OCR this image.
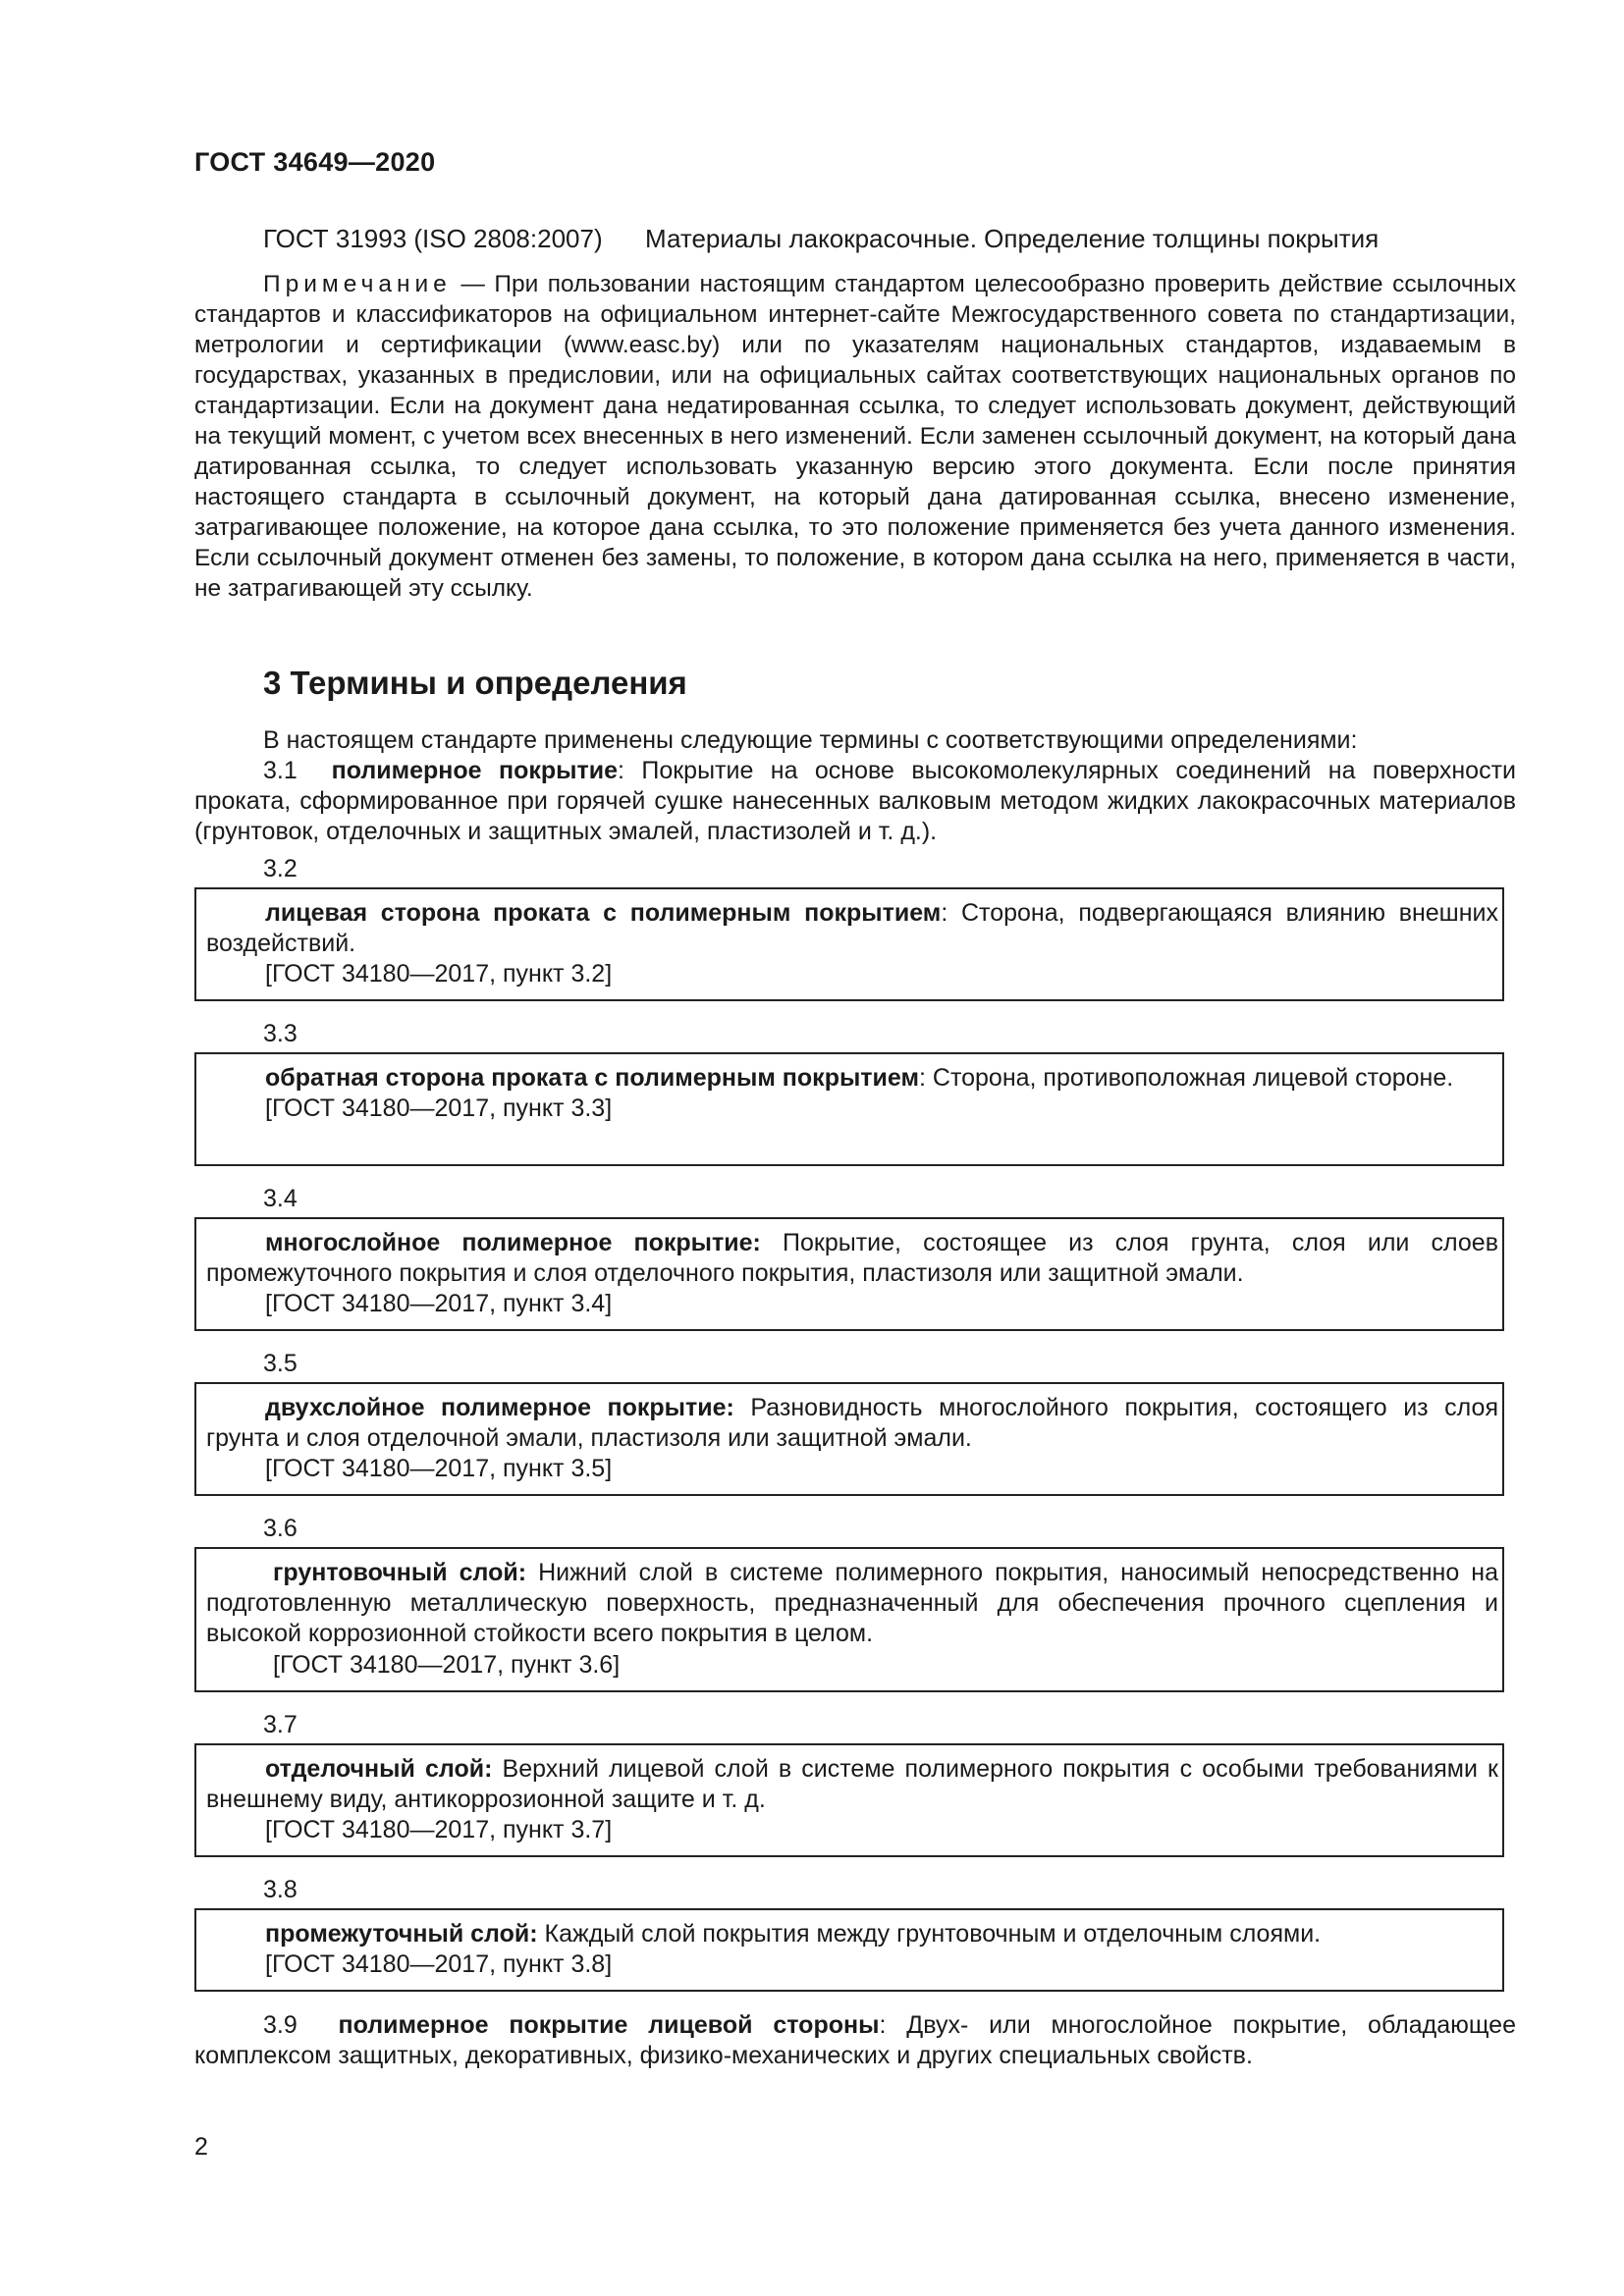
ГОСТ 34649—2020
ГОСТ 31993 (ISO 2808:2007) Материалы лакокрасочные. Определение толщины покрытия
Примечание — При пользовании настоящим стандартом целесообразно проверить действие ссылочных стандартов и классификаторов на официальном интернет-сайте Межгосударственного совета по стандартизации, метрологии и сертификации (www.easc.by) или по указателям национальных стандартов, издаваемым в государствах, указанных в предисловии, или на официальных сайтах соответствующих национальных органов по стандартизации. Если на документ дана недатированная ссылка, то следует использовать документ, действующий на текущий момент, с учетом всех внесенных в него изменений. Если заменен ссылочный документ, на который дана датированная ссылка, то следует использовать указанную версию этого документа. Если после принятия настоящего стандарта в ссылочный документ, на который дана датированная ссылка, внесено изменение, затрагивающее положение, на которое дана ссылка, то это положение применяется без учета данного изменения. Если ссылочный документ отменен без замены, то положение, в котором дана ссылка на него, применяется в части, не затрагивающей эту ссылку.
3 Термины и определения
В настоящем стандарте применены следующие термины с соответствующими определениями:
3.1 полимерное покрытие: Покрытие на основе высокомолекулярных соединений на поверхности проката, сформированное при горячей сушке нанесенных валковым методом жидких лакокрасочных материалов (грунтовок, отделочных и защитных эмалей, пластизолей и т. д.).
3.2

лицевая сторона проката с полимерным покрытием: Сторона, подвергающаяся влиянию внешних воздействий.

[ГОСТ 34180—2017, пункт 3.2]

3.3

обратная сторона проката с полимерным покрытием: Сторона, противоположная лицевой стороне.

[ГОСТ 34180—2017, пункт 3.3]

3.4

многослойное полимерное покрытие: Покрытие, состоящее из слоя грунта, слоя или слоев промежуточного покрытия и слоя отделочного покрытия, пластизоля или защитной эмали.

[ГОСТ 34180—2017, пункт 3.4]

3.5

двухслойное полимерное покрытие: Разновидность многослойного покрытия, состоящего из слоя грунта и слоя отделочной эмали, пластизоля или защитной эмали.

[ГОСТ 34180—2017, пункт 3.5]

3.6

грунтовочный слой: Нижний слой в системе полимерного покрытия, наносимый непосредственно на подготовленную металлическую поверхность, предназначенный для обеспечения прочного сцепления и высокой коррозионной стойкости всего покрытия в целом.

[ГОСТ 34180—2017, пункт 3.6]

3.7

отделочный слой: Верхний лицевой слой в системе полимерного покрытия с особыми требованиями к внешнему виду, антикоррозионной защите и т. д.

[ГОСТ 34180—2017, пункт 3.7]

3.8

промежуточный слой: Каждый слой покрытия между грунтовочным и отделочным слоями.

[ГОСТ 34180—2017, пункт 3.8]

3.9 полимерное покрытие лицевой стороны: Двух- или многослойное покрытие, обладающее комплексом защитных, декоративных, физико-механических и других специальных свойств.
2
